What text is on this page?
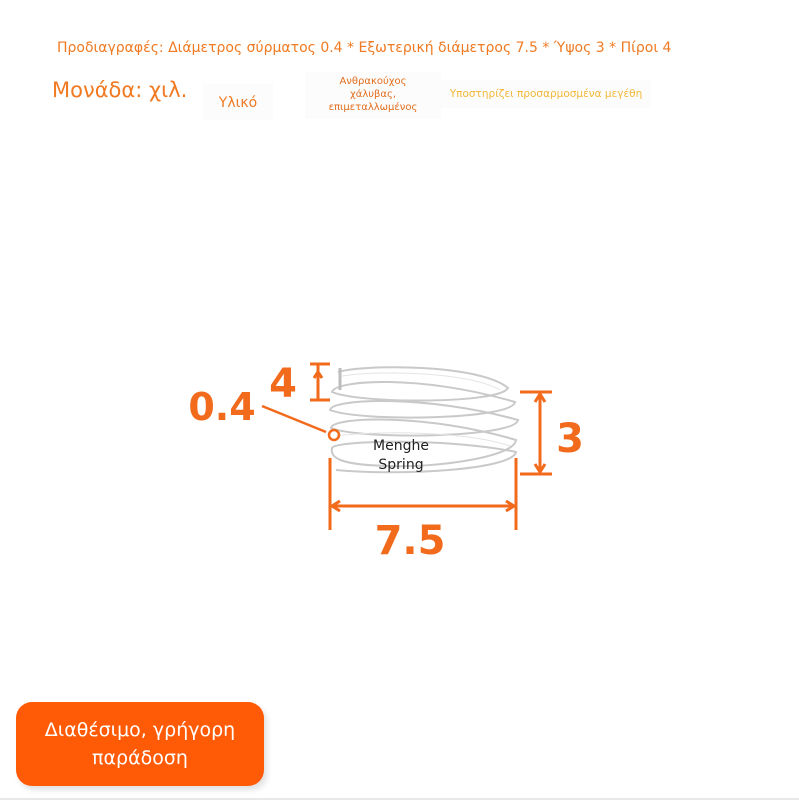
Προδιαγραφές: Διάμετρος σύρματος 0.4 * Εξωτερική διάμετρος 7.5 * Ύψος 3 * Πίροι 4
Μονάδα: χιλ.
Υλικό
Ανθρακούχος
χάλυβας,
επιμεταλλωμένος
Υποστηρίζει προσαρμοσμένα μεγέθη
4
0.4
3
7.5
Menghe
Spring
Διαθέσιμο, γρήγορη
παράδοση
